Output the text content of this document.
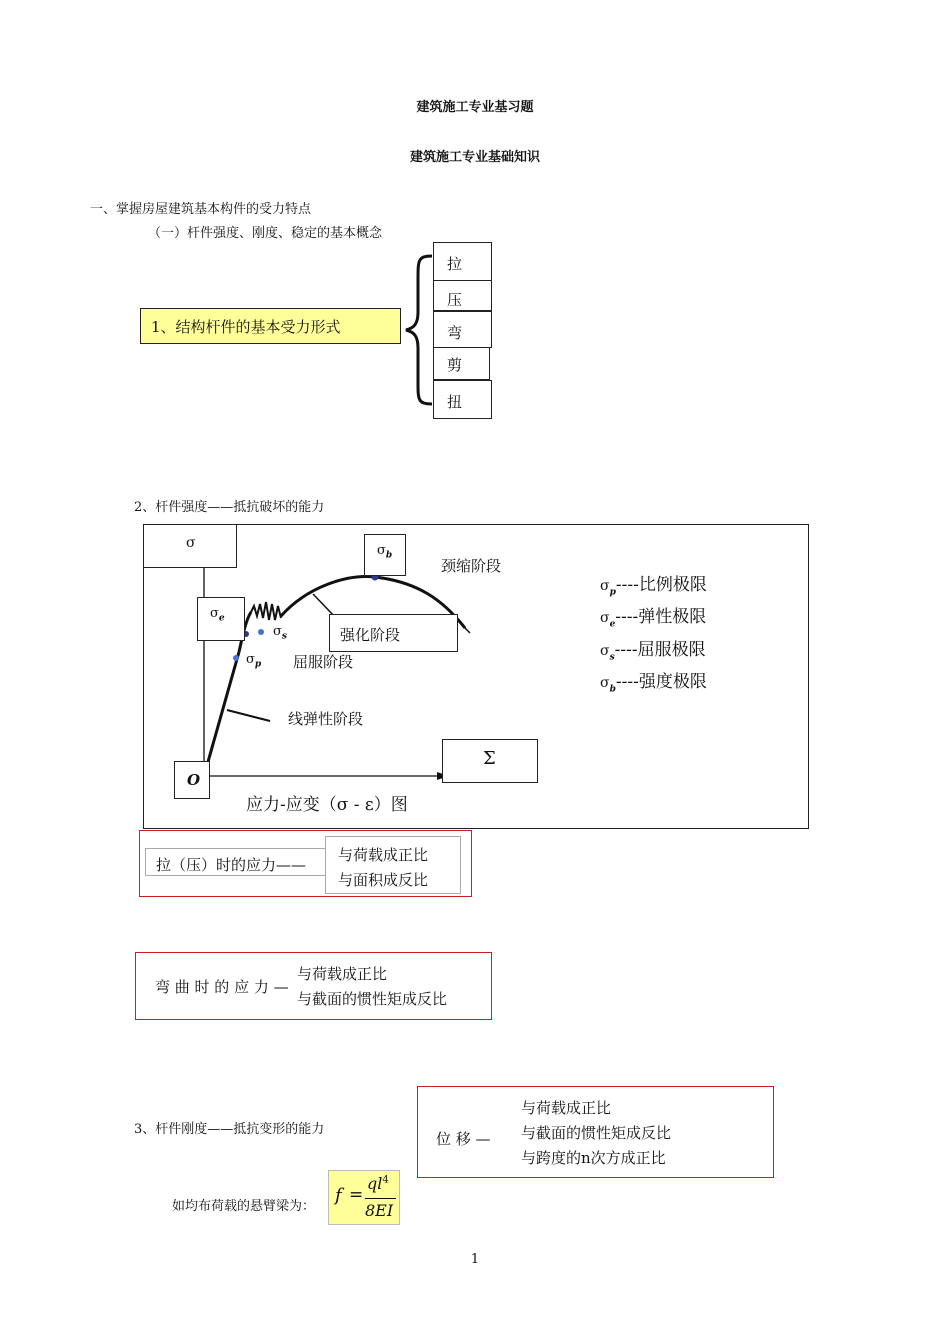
建筑施工专业基习题
建筑施工专业基础知识
一、掌握房屋建筑基本构件的受力特点
（一）杆件强度、刚度、稳定的基本概念
1、结构杆件的基本受力形式
拉
压
弯
剪
扭
2、杆件强度——抵抗破坏的能力
σ
O
$\sigma_e$
$\sigma_b$
$\sigma_s$
$\sigma_p$
颈缩阶段
强化阶段
屈服阶段
线弹性阶段
Σ
应力-应变（σ - ε）图
$\sigma_p----$比例极限
$\sigma_e----$弹性极限
$\sigma_s----$屈服极限
$\sigma_b----$强度极限
拉（压）时的应力——
与荷载成正比
与面积成反比
弯 曲 时 的 应 力 —
与荷载成正比
与截面的惯性矩成反比
3、杆件刚度——抵抗变形的能力
位 移 —
与荷载成正比
与截面的惯性矩成反比
与跨度的n次方成正比
如均布荷载的悬臂梁为：
f =
$ql^4$
8EI
1
